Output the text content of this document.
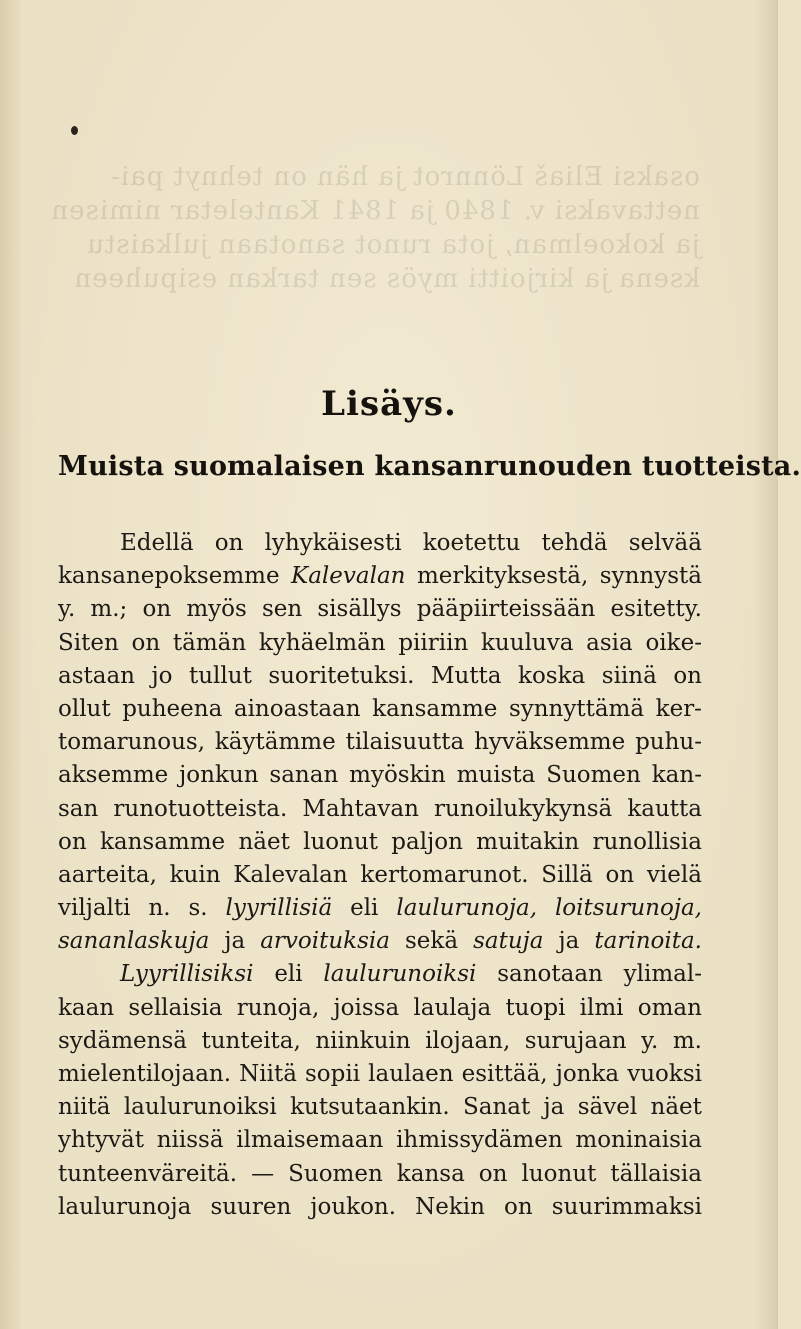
osaksi Eliaš Lönnrot ja hän on tehnyt pai-
nettavaksi v. 1840 ja 1841 Kanteletar nimisen
ja kokoelman, jota runot sanotaan julkaistu
ksena ja kirjoitti myös sen tarkan esipuheen
Lisäys.
Muista suomalaisen kansanrunouden tuotteista.
Edellä on lyhykäisesti koetettu tehdä selvää
kansanepoksemme Kalevalan merkityksestä, synnystä
y. m.; on myös sen sisällys pääpiirteissään esitetty.
Siten on tämän kyhäelmän piiriin kuuluva asia oike-
astaan jo tullut suoritetuksi. Mutta koska siinä on
ollut puheena ainoastaan kansamme synnyttämä ker-
tomarunous, käytämme tilaisuutta hyväksemme puhu-
aksemme jonkun sanan myöskin muista Suomen kan-
san runotuotteista. Mahtavan runoilukykynsä kautta
on kansamme näet luonut paljon muitakin runollisia
aarteita, kuin Kalevalan kertomarunot. Sillä on vielä
viljalti n. s. lyyrillisiä eli laulurunoja, loitsurunoja,
sananlaskuja ja arvoituksia sekä satuja ja tarinoita.
Lyyrillisiksi eli laulurunoiksi sanotaan ylimal-
kaan sellaisia runoja, joissa laulaja tuopi ilmi oman
sydämensä tunteita, niinkuin ilojaan, surujaan y. m.
mielentilojaan. Niitä sopii laulaen esittää, jonka vuoksi
niitä laulurunoiksi kutsutaankin. Sanat ja sävel näet
yhtyvät niissä ilmaisemaan ihmissydämen moninaisia
tunteenväreitä. — Suomen kansa on luonut tällaisia
laulurunoja suuren joukon. Nekin on suurimmaksi
